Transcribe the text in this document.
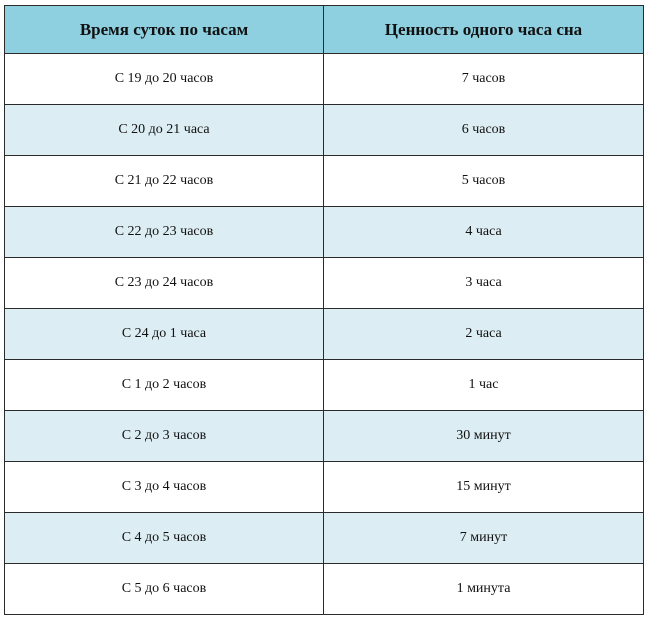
Время суток по часам	Ценность одного часа сна
С 19 до 20 часов	7 часов
С 20 до 21 часа	6 часов
С 21 до 22 часов	5 часов
С 22 до 23 часов	4 часа
С 23 до 24 часов	3 часа
С 24 до 1 часа	2 часа
С 1 до 2 часов	1 час
С 2 до 3 часов	30 минут
С 3 до 4 часов	15 минут
С 4 до 5 часов	7 минут
С 5 до 6 часов	1 минута
